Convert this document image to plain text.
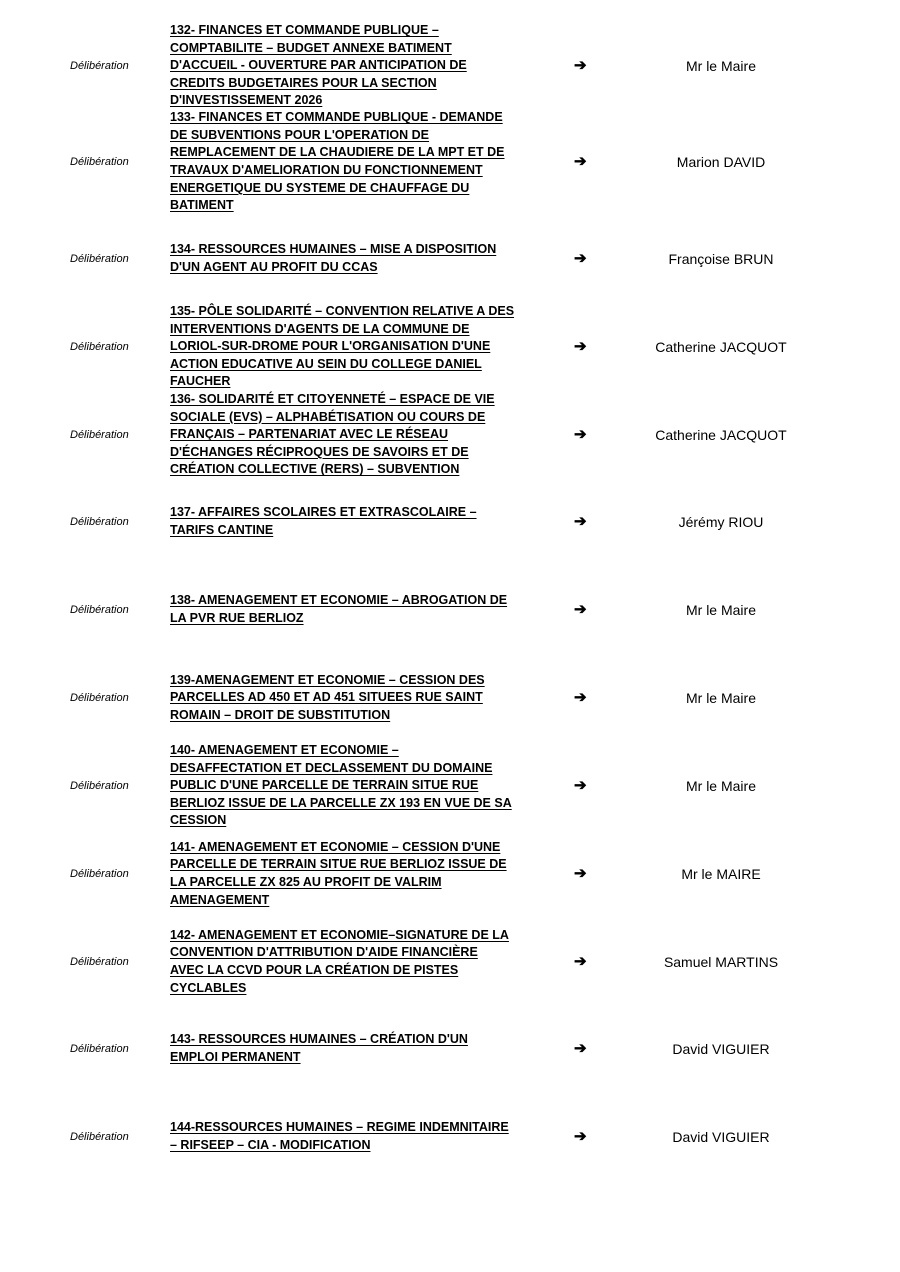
Délibération
132- FINANCES ET COMMANDE PUBLIQUE –
COMPTABILITE – BUDGET ANNEXE BATIMENT
D'ACCUEIL - OUVERTURE PAR ANTICIPATION DE
CREDITS BUDGETAIRES POUR LA SECTION
D'INVESTISSEMENT 2026
➔	Mr le Maire
Délibération
133- FINANCES ET COMMANDE PUBLIQUE - DEMANDE
DE SUBVENTIONS POUR L'OPERATION DE
REMPLACEMENT DE LA CHAUDIERE DE LA MPT ET DE
TRAVAUX D'AMELIORATION DU FONCTIONNEMENT
ENERGETIQUE DU SYSTEME DE CHAUFFAGE DU
BATIMENT
➔	Marion DAVID
Délibération
134- RESSOURCES HUMAINES – MISE A DISPOSITION
D'UN AGENT AU PROFIT DU CCAS	➔	Françoise BRUN
Délibération
135- PÔLE SOLIDARITÉ – CONVENTION RELATIVE A DES
INTERVENTIONS D'AGENTS DE LA COMMUNE DE
LORIOL-SUR-DROME POUR L'ORGANISATION D'UNE
ACTION EDUCATIVE AU SEIN DU COLLEGE DANIEL
FAUCHER
➔	Catherine JACQUOT
Délibération
136- SOLIDARITÉ ET CITOYENNETÉ – ESPACE DE VIE
SOCIALE (EVS) – ALPHABÉTISATION OU COURS DE
FRANÇAIS – PARTENARIAT AVEC LE RÉSEAU
D'ÉCHANGES RÉCIPROQUES DE SAVOIRS ET DE
CRÉATION COLLECTIVE (RERS) – SUBVENTION
➔	Catherine JACQUOT
Délibération
137- AFFAIRES SCOLAIRES ET EXTRASCOLAIRE –
TARIFS CANTINE	➔	Jérémy RIOU
Délibération
138- AMENAGEMENT ET ECONOMIE – ABROGATION DE
LA PVR RUE BERLIOZ	➔	Mr le Maire
Délibération
139-AMENAGEMENT ET ECONOMIE – CESSION DES
PARCELLES AD 450 ET AD 451 SITUEES RUE SAINT
ROMAIN – DROIT DE SUBSTITUTION
➔	Mr le Maire
Délibération
140- AMENAGEMENT ET ECONOMIE –
DESAFFECTATION ET DECLASSEMENT DU DOMAINE
PUBLIC D'UNE PARCELLE DE TERRAIN SITUE RUE
BERLIOZ ISSUE DE LA PARCELLE ZX 193 EN VUE DE SA
CESSION
➔	Mr le Maire
Délibération
141- AMENAGEMENT ET ECONOMIE – CESSION D'UNE
PARCELLE DE TERRAIN SITUE RUE BERLIOZ ISSUE DE
LA PARCELLE ZX 825 AU PROFIT DE VALRIM
AMENAGEMENT
➔	Mr le MAIRE
Délibération
142- AMENAGEMENT ET ECONOMIE–SIGNATURE DE LA
CONVENTION D'ATTRIBUTION D'AIDE FINANCIÈRE
AVEC LA CCVD POUR LA CRÉATION DE PISTES
CYCLABLES
➔	Samuel MARTINS
Délibération
143- RESSOURCES HUMAINES – CRÉATION D'UN
EMPLOI PERMANENT	➔	David VIGUIER
Délibération
144-RESSOURCES HUMAINES – REGIME INDEMNITAIRE
– RIFSEEP – CIA - MODIFICATION	➔	David VIGUIER
